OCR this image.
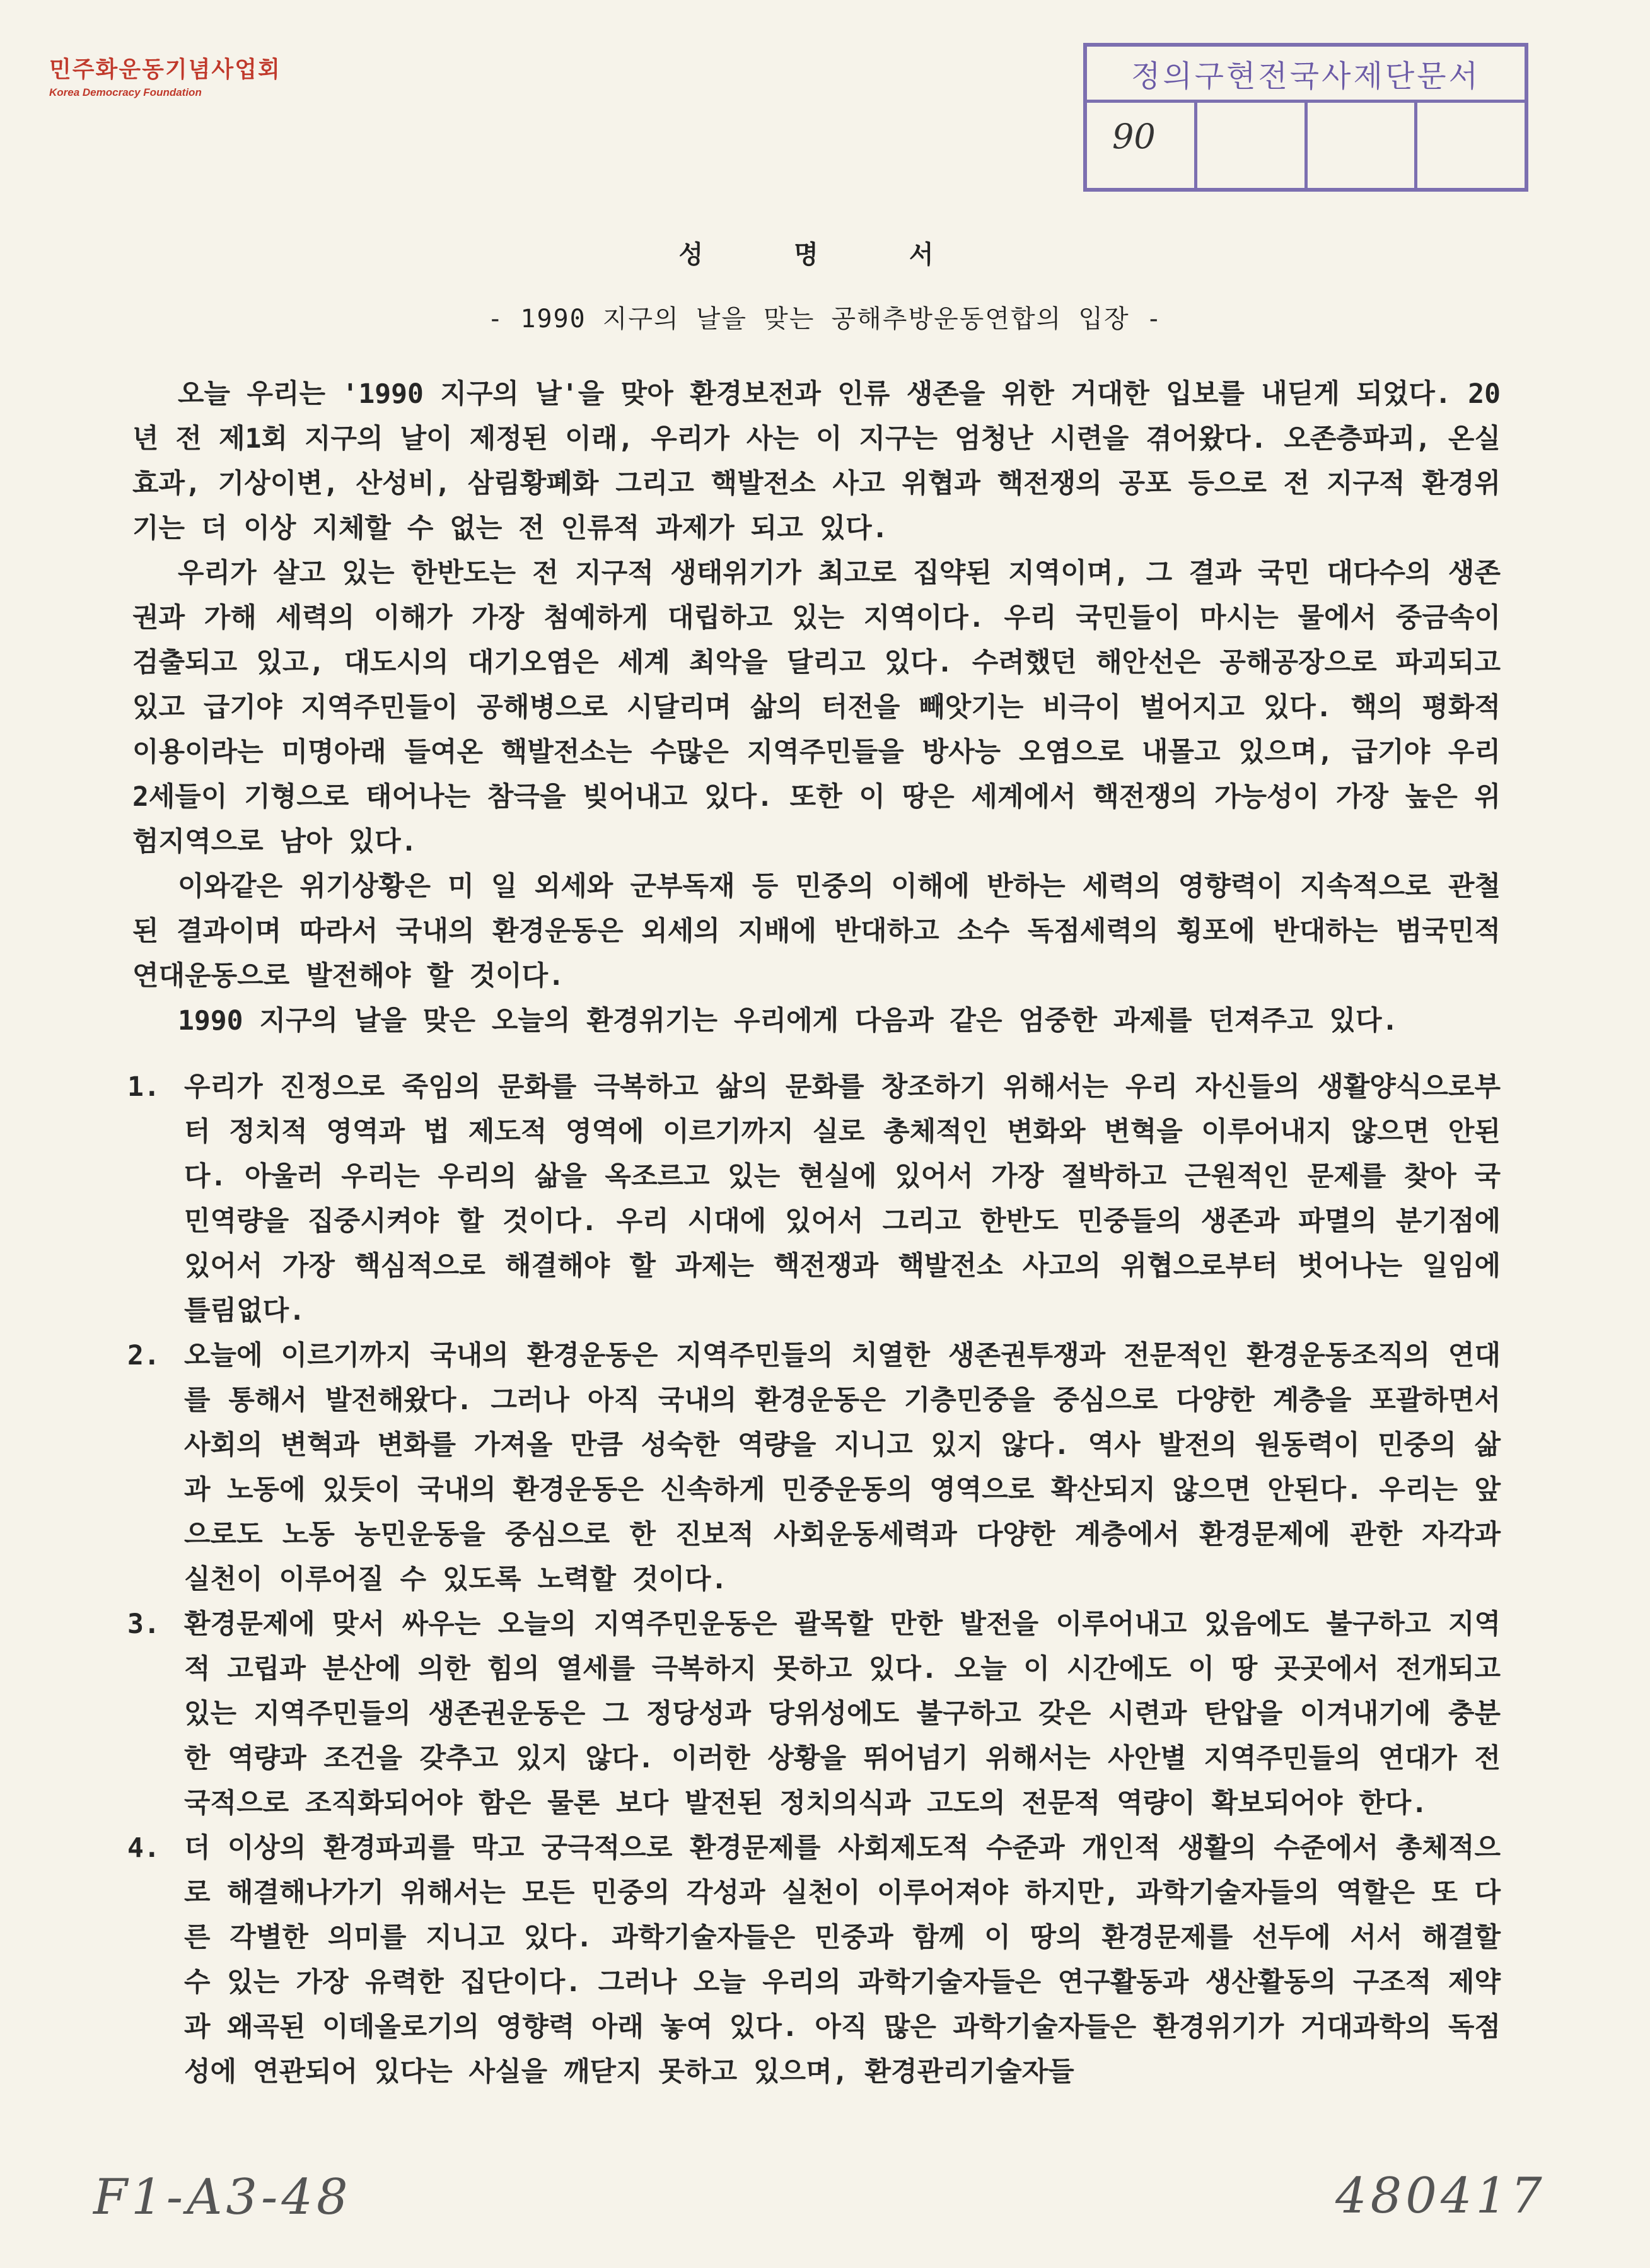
민주화운동기념사업회
Korea Democracy Foundation	정의구현전국사제단문서
90
성 명 서
- 1990 지구의 날을 맞는 공해추방운동연합의 입장 -

오늘 우리는 '1990 지구의 날'을 맞아 환경보전과 인류 생존을 위한 거대한 입보를 내딛게 되었다. 20년 전 제1회 지구의 날이 제정된 이래, 우리가 사는 이 지구는 엄청난 시련을 겪어왔다. 오존층파괴, 온실효과, 기상이변, 산성비, 삼림황폐화 그리고 핵발전소 사고 위협과 핵전쟁의 공포 등으로 전 지구적 환경위기는 더 이상 지체할 수 없는 전 인류적 과제가 되고 있다.

우리가 살고 있는 한반도는 전 지구적 생태위기가 최고로 집약된 지역이며, 그 결과 국민 대다수의 생존권과 가해 세력의 이해가 가장 첨예하게 대립하고 있는 지역이다. 우리 국민들이 마시는 물에서 중금속이 검출되고 있고, 대도시의 대기오염은 세계 최악을 달리고 있다. 수려했던 해안선은 공해공장으로 파괴되고 있고 급기야 지역주민들이 공해병으로 시달리며 삶의 터전을 빼앗기는 비극이 벌어지고 있다. 핵의 평화적 이용이라는 미명아래 들여온 핵발전소는 수많은 지역주민들을 방사능 오염으로 내몰고 있으며, 급기야 우리 2세들이 기형으로 태어나는 참극을 빚어내고 있다. 또한 이 땅은 세계에서 핵전쟁의 가능성이 가장 높은 위험지역으로 남아 있다.

이와같은 위기상황은 미 일 외세와 군부독재 등 민중의 이해에 반하는 세력의 영향력이 지속적으로 관철된 결과이며 따라서 국내의 환경운동은 외세의 지배에 반대하고 소수 독점세력의 횡포에 반대하는 범국민적 연대운동으로 발전해야 할 것이다.

1990 지구의 날을 맞은 오늘의 환경위기는 우리에게 다음과 같은 엄중한 과제를 던져주고 있다.

1. 우리가 진정으로 죽임의 문화를 극복하고 삶의 문화를 창조하기 위해서는 우리 자신들의 생활양식으로부터 정치적 영역과 법 제도적 영역에 이르기까지 실로 총체적인 변화와 변혁을 이루어내지 않으면 안된다. 아울러 우리는 우리의 삶을 옥조르고 있는 현실에 있어서 가장 절박하고 근원적인 문제를 찾아 국민역량을 집중시켜야 할 것이다. 우리 시대에 있어서 그리고 한반도 민중들의 생존과 파멸의 분기점에 있어서 가장 핵심적으로 해결해야 할 과제는 핵전쟁과 핵발전소 사고의 위협으로부터 벗어나는 일임에 틀림없다.
2. 오늘에 이르기까지 국내의 환경운동은 지역주민들의 치열한 생존권투쟁과 전문적인 환경운동조직의 연대를 통해서 발전해왔다. 그러나 아직 국내의 환경운동은 기층민중을 중심으로 다양한 계층을 포괄하면서 사회의 변혁과 변화를 가져올 만큼 성숙한 역량을 지니고 있지 않다. 역사 발전의 원동력이 민중의 삶과 노동에 있듯이 국내의 환경운동은 신속하게 민중운동의 영역으로 확산되지 않으면 안된다. 우리는 앞으로도 노동 농민운동을 중심으로 한 진보적 사회운동세력과 다양한 계층에서 환경문제에 관한 자각과 실천이 이루어질 수 있도록 노력할 것이다.
3. 환경문제에 맞서 싸우는 오늘의 지역주민운동은 괄목할 만한 발전을 이루어내고 있음에도 불구하고 지역적 고립과 분산에 의한 힘의 열세를 극복하지 못하고 있다. 오늘 이 시간에도 이 땅 곳곳에서 전개되고 있는 지역주민들의 생존권운동은 그 정당성과 당위성에도 불구하고 갖은 시련과 탄압을 이겨내기에 충분한 역량과 조건을 갖추고 있지 않다. 이러한 상황을 뛰어넘기 위해서는 사안별 지역주민들의 연대가 전국적으로 조직화되어야 함은 물론 보다 발전된 정치의식과 고도의 전문적 역량이 확보되어야 한다.
4. 더 이상의 환경파괴를 막고 궁극적으로 환경문제를 사회제도적 수준과 개인적 생활의 수준에서 총체적으로 해결해나가기 위해서는 모든 민중의 각성과 실천이 이루어져야 하지만, 과학기술자들의 역할은 또 다른 각별한 의미를 지니고 있다. 과학기술자들은 민중과 함께 이 땅의 환경문제를 선두에 서서 해결할 수 있는 가장 유력한 집단이다. 그러나 오늘 우리의 과학기술자들은 연구활동과 생산활동의 구조적 제약과 왜곡된 이데올로기의 영향력 아래 놓여 있다. 아직 많은 과학기술자들은 환경위기가 거대과학의 독점성에 연관되어 있다는 사실을 깨닫지 못하고 있으며, 환경관리기술자들
F1-A3-48	480417
